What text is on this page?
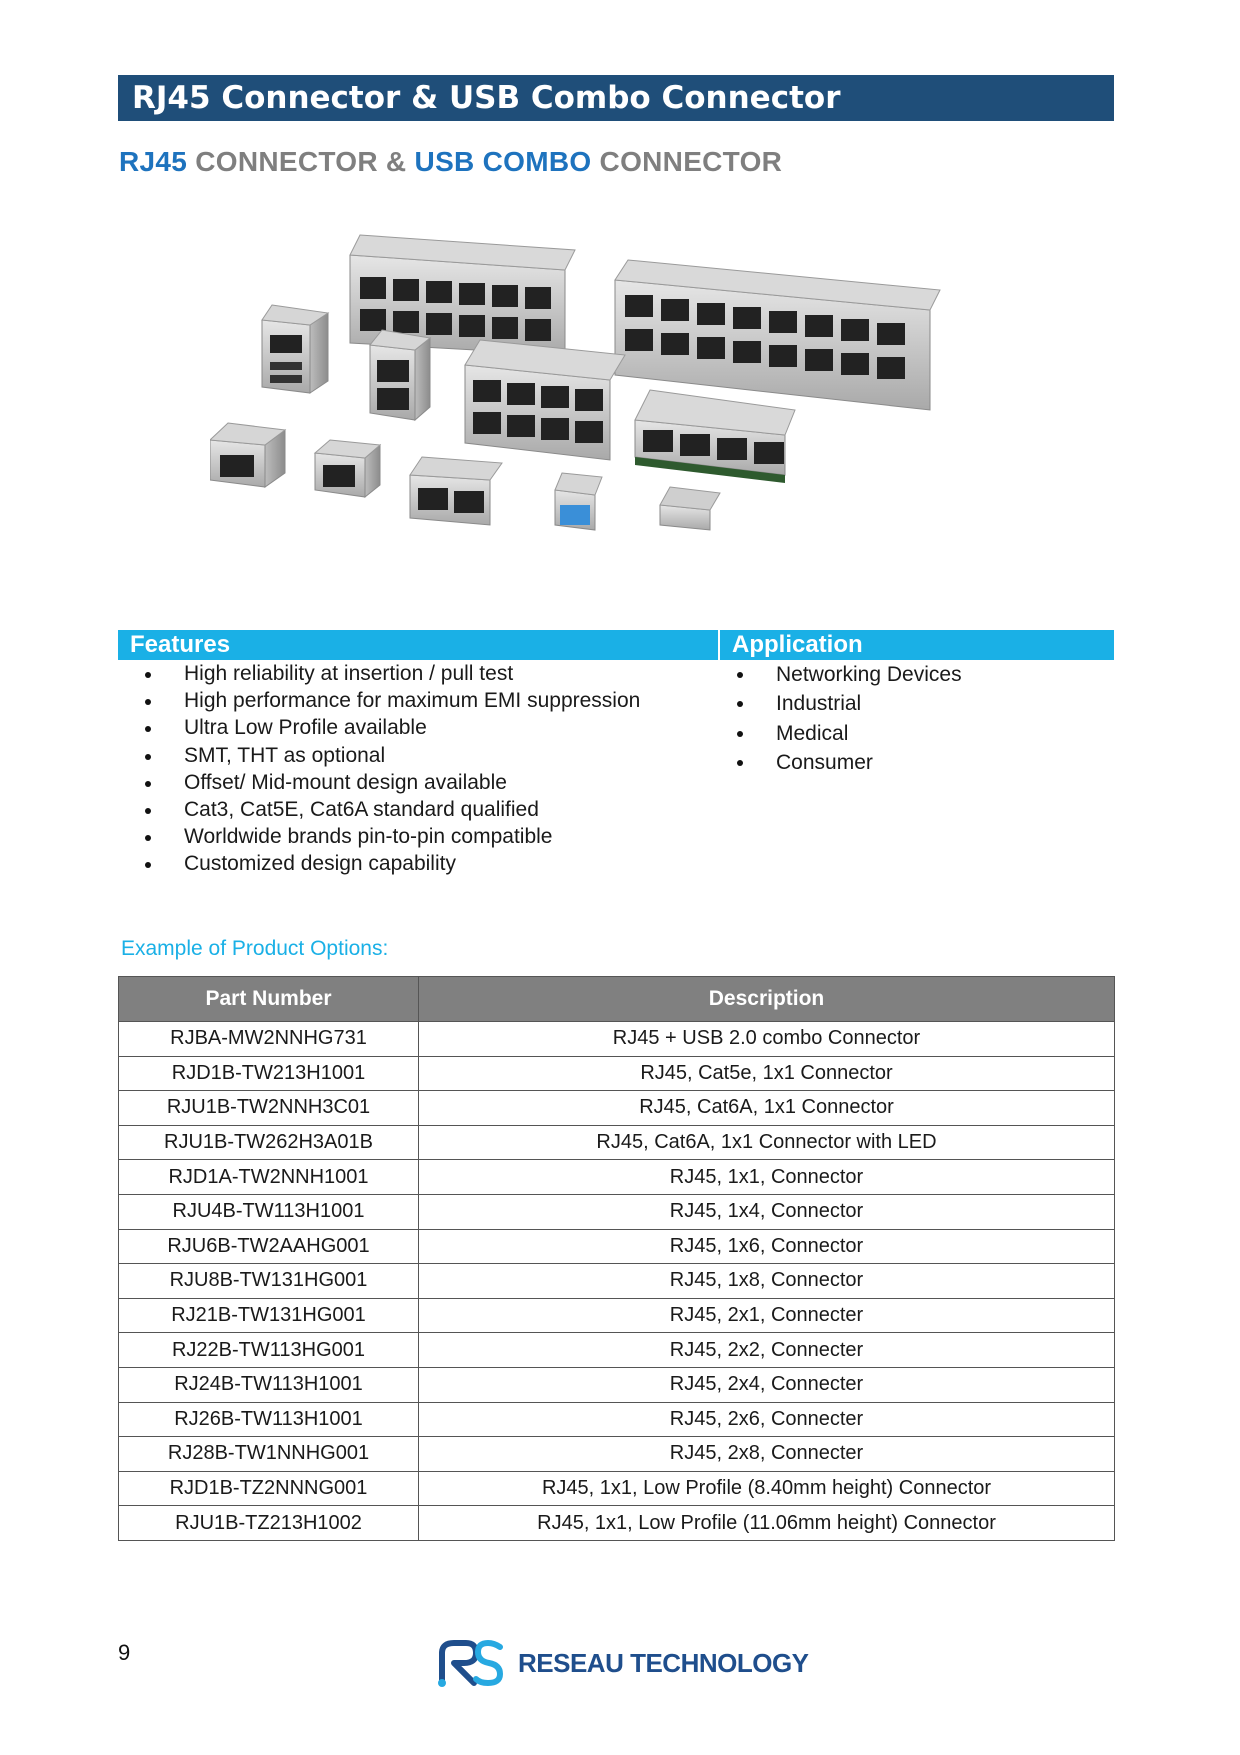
RJ45 Connector & USB Combo Connector
RJ45 CONNECTOR & USB COMBO CONNECTOR
Features	Application
High reliability at insertion / pull test
High performance for maximum EMI suppression
Ultra Low Profile available
SMT, THT as optional
Offset/ Mid-mount design available
Cat3, Cat5E, Cat6A standard qualified
Worldwide brands pin-to-pin compatible
Customized design capability
Networking Devices
Industrial
Medical
Consumer
Example of Product Options:
Part Number	Description
RJBA-MW2NNHG731	RJ45 + USB 2.0 combo Connector
RJD1B-TW213H1001	RJ45, Cat5e, 1x1 Connector
RJU1B-TW2NNH3C01	RJ45, Cat6A, 1x1 Connector
RJU1B-TW262H3A01B	RJ45, Cat6A, 1x1 Connector with LED
RJD1A-TW2NNH1001	RJ45, 1x1, Connector
RJU4B-TW113H1001	RJ45, 1x4, Connector
RJU6B-TW2AAHG001	RJ45, 1x6, Connector
RJU8B-TW131HG001	RJ45, 1x8, Connector
RJ21B-TW131HG001	RJ45, 2x1, Connecter
RJ22B-TW113HG001	RJ45, 2x2, Connecter
RJ24B-TW113H1001	RJ45, 2x4, Connecter
RJ26B-TW113H1001	RJ45, 2x6, Connecter
RJ28B-TW1NNHG001	RJ45, 2x8, Connecter
RJD1B-TZ2NNNG001	RJ45, 1x1, Low Profile (8.40mm height) Connector
RJU1B-TZ213H1002	RJ45, 1x1, Low Profile (11.06mm height) Connector
9	RESEAU TECHNOLOGY
